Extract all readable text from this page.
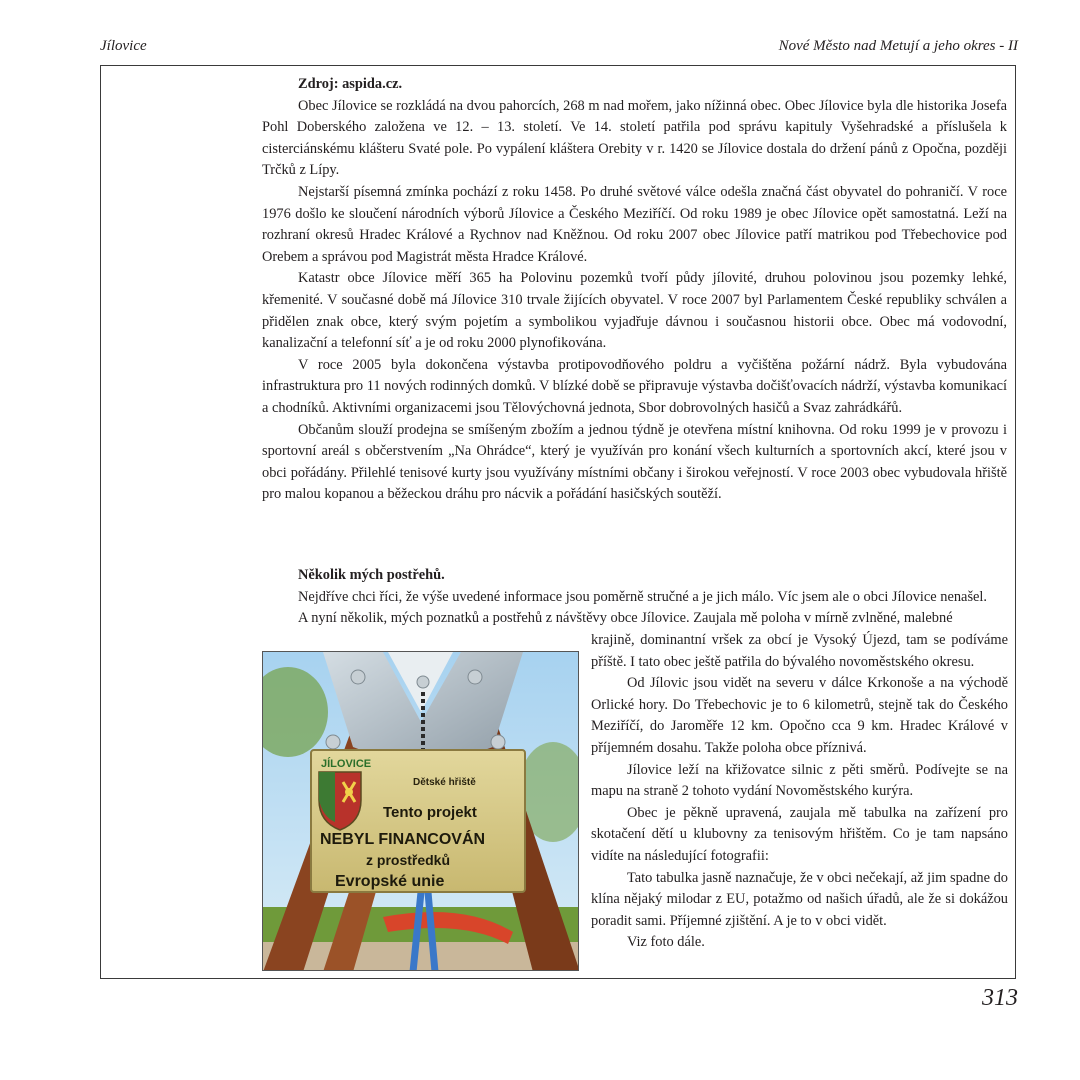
Jílovice	Nové Město nad Metují a jeho okres - II

Zdroj: aspida.cz.

Obec Jílovice se rozkládá na dvou pahorcích, 268 m nad mořem, jako nížinná obec. Obec Jílovice byla dle historika Josefa Pohl Doberského založena ve 12. – 13. století. Ve 14. století patřila pod správu kapituly Vyšehradské a příslušela k cisterciánskému klášteru Svaté pole. Po vypálení kláštera Orebity v r. 1420 se Jílovice dostala do držení pánů z Opočna, později Trčků z Lípy.

Nejstarší písemná zmínka pochází z roku 1458. Po druhé světové válce odešla značná část obyvatel do pohraničí. V roce 1976 došlo ke sloučení národních výborů Jílovice a Českého Meziříčí. Od roku 1989 je obec Jílovice opět samostatná. Leží na rozhraní okresů Hradec Králové a Rychnov nad Kněžnou. Od roku 2007 obec Jílovice patří matrikou pod Třebechovice pod Orebem a správou pod Magistrát města Hradce Králové.

Katastr obce Jílovice měří 365 ha Polovinu pozemků tvoří půdy jílovité, druhou polovinou jsou pozemky lehké, křemenité. V současné době má Jílovice 310 trvale žijících obyvatel. V roce 2007 byl Parlamentem České republiky schválen a přidělen znak obce, který svým pojetím a symbolikou vyjadřuje dávnou i současnou historii obce. Obec má vodovodní, kanalizační a telefonní síť a je od roku 2000 plynofikována.

V roce 2005 byla dokončena výstavba protipovodňového poldru a vyčištěna požární nádrž. Byla vybudována infrastruktura pro 11 nových rodinných domků. V blízké době se připravuje výstavba dočišťovacích nádrží, výstavba komunikací a chodníků. Aktivními organizacemi jsou Tělovýchovná jednota, Sbor dobrovolných hasičů a Svaz zahrádkářů.

Občanům slouží prodejna se smíšeným zbožím a jednou týdně je otevřena místní knihovna. Od roku 1999 je v provozu i sportovní areál s občerstvením „Na Ohrádce“, který je využíván pro konání všech kulturních a sportovních akcí, které jsou v obci pořádány. Přilehlé tenisové kurty jsou využívány místními občany i širokou veřejností. V roce 2003 obec vybudovala hřiště pro malou kopanou a běžeckou dráhu pro nácvik a pořádání hasičských soutěží.

Několik mých postřehů.

Nejdříve chci říci, že výše uvedené informace jsou poměrně stručné a je jich málo. Víc jsem ale o obci Jílovice nenašel.

A nyní několik, mých poznatků a postřehů z návštěvy obce Jílovice. Zaujala mě poloha v mírně zvlněné, malebné

krajině, dominantní vršek za obcí je Vysoký Újezd, tam se podíváme příště. I tato obec ještě patřila do bývalého novoměstského okresu.

Od Jílovic jsou vidět na severu v dálce Krkonoše a na východě Orlické hory. Do Třebechovic je to 6 kilometrů, stejně tak do Českého Meziříčí, do Jaroměře 12 km. Opočno cca 9 km. Hradec Králové v příjemném dosahu. Takže poloha obce příznivá.

Jílovice leží na křižovatce silnic z pěti směrů. Podívejte se na mapu na straně 2 tohoto vydání Novoměstského kurýra.

Obec je pěkně upravená, zaujala mě tabulka na zařízení pro skotačení dětí u klubovny za tenisovým hřištěm. Co je tam napsáno vidíte na následující fotografii:

Tato tabulka jasně naznačuje, že v obci nečekají, až jim spadne do klína nějaký milodar z EU, potažmo od našich úřadů, ale že si dokážou poradit sami. Příjemné zjištění. A je to v obci vidět.

Viz foto dále.

JÍLOVICE
Dětské hřiště
Tento projekt
NEBYL FINANCOVÁN
z prostředků
Evropské unie
313
